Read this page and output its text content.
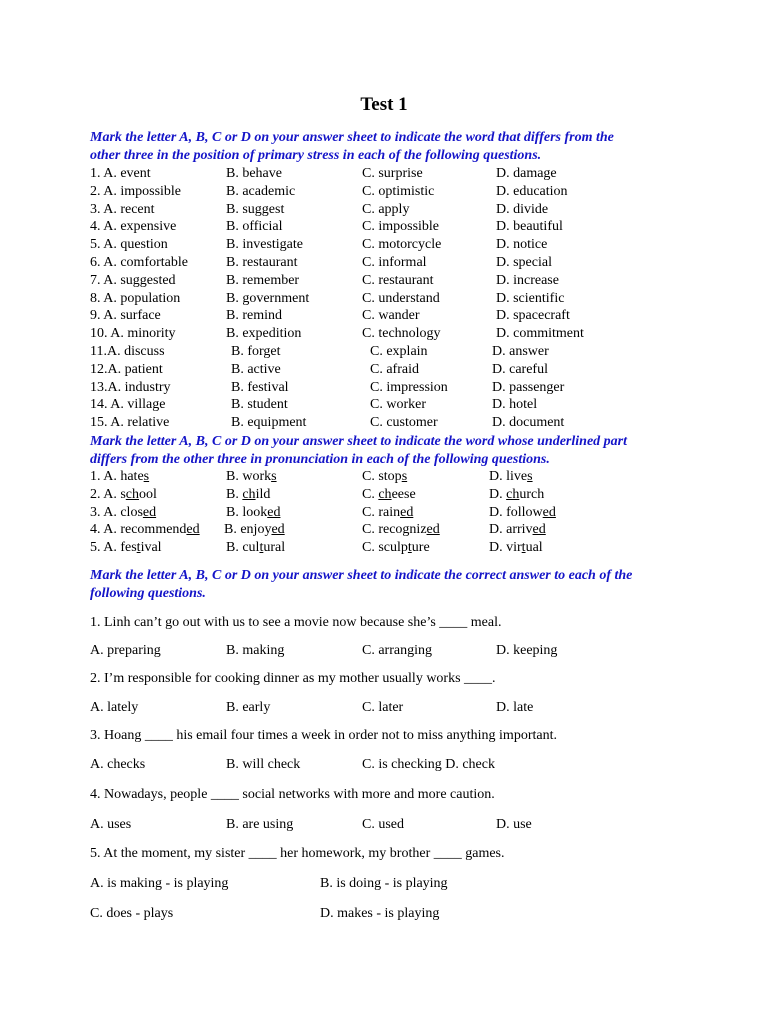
Test 1
Mark the letter A, B, C or D on your answer sheet to indicate the word that differs from the
other three in the position of primary stress in each of the following questions.
1. A. event	B. behave	C. surprise	D. damage
2. A. impossible	B. academic	C. optimistic	D. education
3. A. recent	B. suggest	C. apply	D. divide
4. A. expensive	B. official	C. impossible	D. beautiful
5. A. question	B. investigate	C. motorcycle	D. notice
6. A. comfortable	B. restaurant	C. informal	D. special
7. A. suggested	B. remember	C. restaurant	D. increase
8. A. population	B. government	C. understand	D. scientific
9. A. surface	B. remind	C. wander	D. spacecraft
10. A. minority	B. expedition	C. technology	D. commitment
11.A. discuss	B. forget	C. explain	D. answer
12.A. patient	B. active	C. afraid	D. careful
13.A. industry	B. festival	C. impression	D. passenger
14. A. village	B. student	C. worker	D. hotel
15. A. relative	B. equipment	C. customer	D. document
Mark the letter A, B, C or D on your answer sheet to indicate the word whose underlined part
differs from the other three in pronunciation in each of the following questions.
1. A. hates	B. works	C. stops	D. lives
2. A. school	B. child	C. cheese	D. church
3. A. closed	B. looked	C. rained	D. followed
4. A. recommended B. enjoyed	C. recognized	D. arrived
5. A. festival	B. cultural	C. sculpture	D. virtual
Mark the letter A, B, C or D on your answer sheet to indicate the correct answer to each of the
following questions.
1. Linh can’t go out with us to see a movie now because she’s ____ meal.
A. preparing	B. making	C. arranging	D. keeping
2. I’m responsible for cooking dinner as my mother usually works ____.
A. lately	B. early	C. later	D. late
3. Hoang ____ his email four times a week in order not to miss anything important.
A. checks	B. will check	C. is checking D. check
4. Nowadays, people ____ social networks with more and more caution.
A. uses	B. are using	C. used	D. use
5. At the moment, my sister ____ her homework, my brother ____ games.
A. is making - is playing	B. is doing - is playing
C. does - plays	D. makes - is playing
